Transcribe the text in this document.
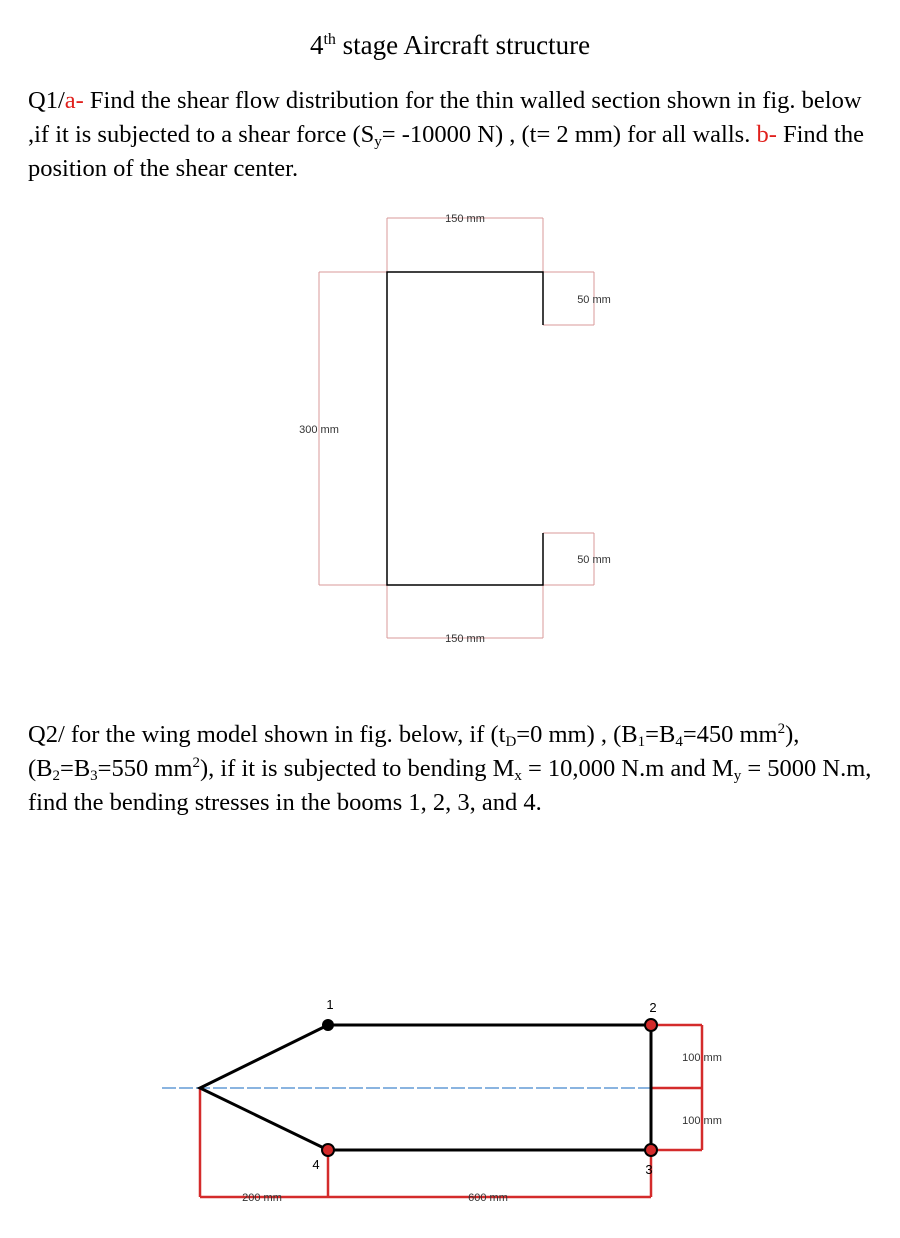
4th stage Aircraft structure
Q1/a- Find the shear flow distribution for the thin walled section shown in fig. below ,if it is subjected to a shear force ($S_y= -10000$ N) , (t= 2 mm) for all walls. b- Find the position of the shear center.
150 mm
150 mm
300 mm
50 mm
50 mm
Q2/ for the wing model shown in fig. below, if ($t_D=0$ mm) , ($B_1=B_4=450$ $mm^2),(B_2=B_3=550$ $mm^2$), if it is subjected to bending $M_x = 10,000$ N.m and $M_y = 5000$ N.m, find the bending stresses in the booms 1, 2, 3, and 4.
1	2
3
4
100 mm
100 mm
200 mm	600 mm
